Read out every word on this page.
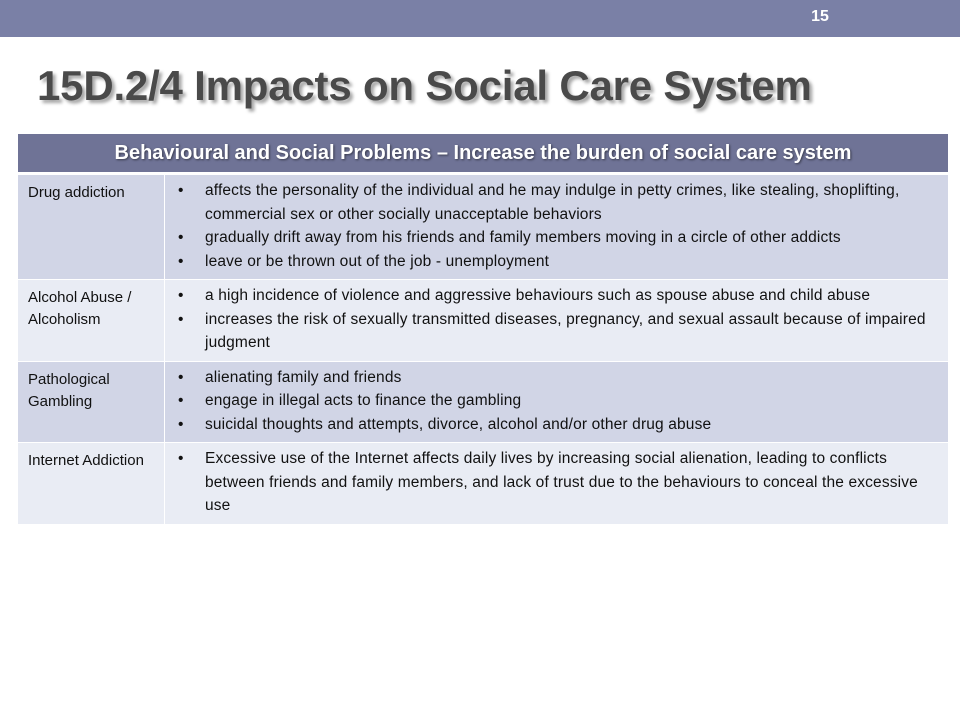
15
15D.2/4 Impacts on Social Care System
Behavioural and Social Problems – Increase the burden of social care system
Drug addiction	• affects the personality of the individual and he may indulge in petty crimes, like stealing, shoplifting, commercial sex or other socially unacceptable behaviors
• gradually drift away from his friends and family members moving in a circle of other addicts
• leave or be thrown out of the job - unemployment
Alcohol Abuse / Alcoholism
• a high incidence of violence and aggressive behaviours such as spouse abuse and child abuse
• increases the risk of sexually transmitted diseases, pregnancy, and sexual assault because of impaired judgment
Pathological Gambling
• alienating family and friends
• engage in illegal acts to finance the gambling
• suicidal thoughts and attempts, divorce, alcohol and/or other drug abuse
Internet Addiction	• Excessive use of the Internet affects daily lives by increasing social alienation, leading to conflicts between friends and family members, and lack of trust due to the behaviours to conceal the excessive use
